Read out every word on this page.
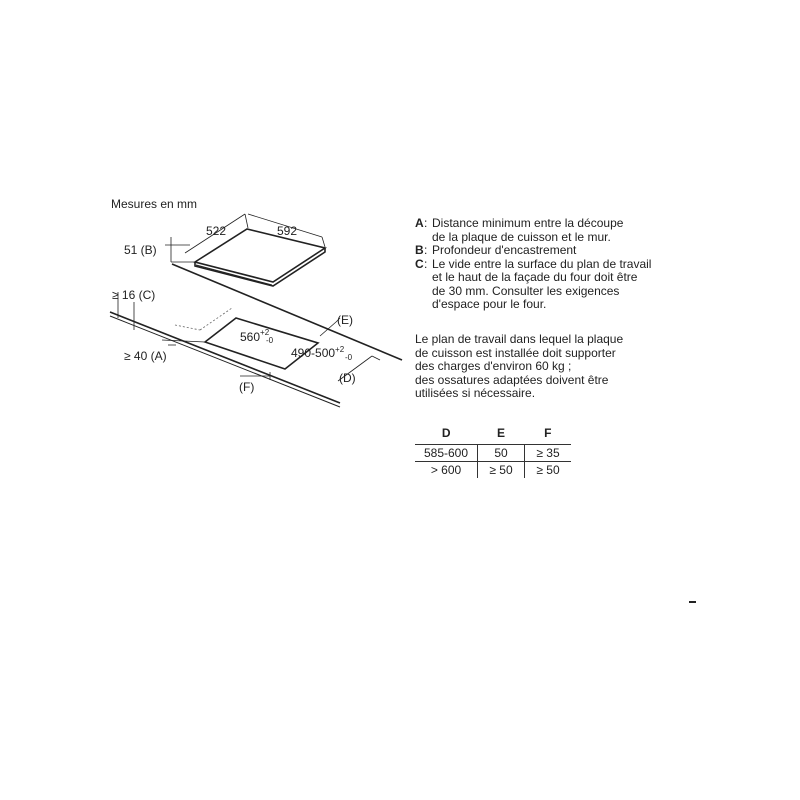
Mesures en mm
522	592
51 (B)
≥ 16 (C)
$560^{+2}$
-0
$490-500^{+2}$
-0
≥ 40 (A)
(E)
(D)
(F)
A : Distance minimum entre la découpe
de la plaque de cuisson et le mur.
B : Profondeur d'encastrement
C : Le vide entre la surface du plan de travail
et le haut de la façade du four doit être
de 30 mm. Consulter les exigences
d'espace pour le four.
Le plan de travail dans lequel la plaque
de cuisson est installée doit supporter
des charges d'environ 60 kg ;
des ossatures adaptées doivent être
utilisées si nécessaire.
D	E	F
585-600	50	≥ 35
> 600	≥ 50	≥ 50
